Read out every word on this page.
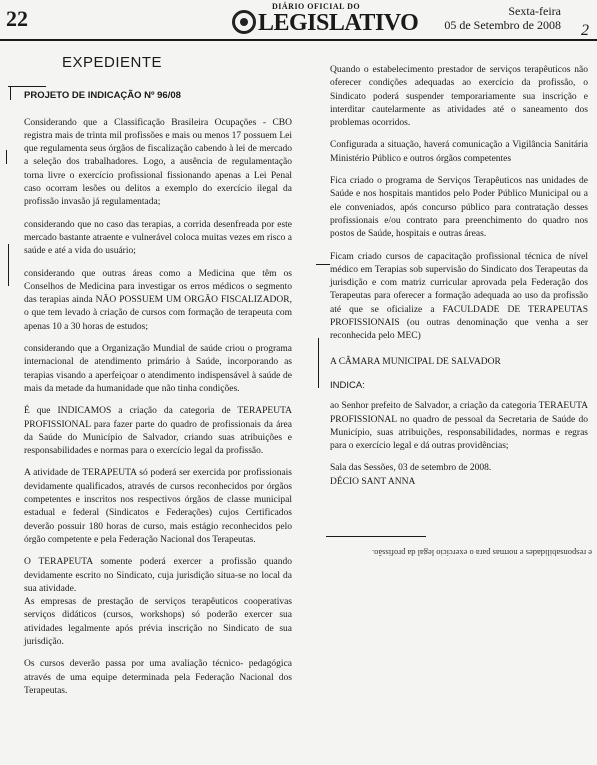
22	DIÁRIO OFICIAL DO
LEGISLATIVO	Sexta-feira
05 de Setembro de 2008 2

EXPEDIENTE

PROJETO DE INDICAÇÃO Nº 96/08

Considerando que a Classificação Brasileira Ocupações - CBO registra mais de trinta mil profissões e mais ou menos 17 possuem Lei que regulamenta seus órgãos de fiscalização cabendo à lei de mercado a seleção dos trabalhadores. Logo, a ausência de regulamentação torna livre o exercício profissional fissionando apenas a Lei Penal caso ocorram lesões ou delitos a exemplo do exercício ilegal da profissão invasão já regulamentada;

considerando que no caso das terapias, a corrida desenfreada por este mercado bastante atraente e vulnerável coloca muitas vezes em risco a saúde e até a vida do usuário;

considerando que outras áreas como a Medicina que têm os Conselhos de Medicina para investigar os erros médicos o segmento das terapias ainda NÃO POSSUEM UM ORGÃO FISCALIZADOR, o que tem levado à criação de cursos com formação de terapeuta com apenas 10 a 30 horas de estudos;

considerando que a Organização Mundial de saúde criou o programa internacional de atendimento primário à Saúde, incorporando as terapias visando a aperfeiçoar o atendimento indispensável à saúde de mais da metade da humanidade que não tinha condições.

É que INDICAMOS a criação da categoria de TERAPEUTA PROFISSIONAL para fazer parte do quadro de profissionais da área da Saúde do Município de Salvador, criando suas atribuições e responsabilidades e normas para o exercício legal da profissão.

A atividade de TERAPEUTA só poderá ser exercida por profissionais devidamente qualificados, através de cursos reconhecidos por órgãos competentes e inscritos nos respectivos órgãos de classe municipal estadual e federal (Sindicatos e Federações) cujos Certificados deverão possuir 180 horas de curso, mais estágio reconhecidos pelo órgão competente e pela Federação Nacional dos Terapeutas.

O TERAPEUTA somente poderá exercer a profissão quando devidamente escrito no Sindicato, cuja jurisdição situa-se no local da sua atividade.

As empresas de prestação de serviços terapêuticos cooperativas serviços didáticos (cursos, workshops) só poderão exercer sua atividades legalmente após prévia inscrição no Sindicato de sua jurisdição.

Os cursos deverão passa por uma avaliação técnico- pedagógica através de uma equipe determinada pela Federação Nacional dos Terapeutas.

Quando o estabelecimento prestador de serviços terapêuticos não oferecer condições adequadas ao exercício da profissão, o Sindicato poderá suspender temporariamente sua inscrição e interditar cautelarmente as atividades até o saneamento dos problemas ocorridos.

Configurada a situação, haverá comunicação a Vigilância Sanitária Ministério Público e outros órgãos competentes

Fica criado o programa de Serviços Terapêuticos nas unidades de Saúde e nos hospitais mantidos pelo Poder Público Municipal ou a ele conveniados, após concurso público para contratação desses profissionais e/ou contrato para preenchimento do quadro nos postos de Saúde, hospitais e outras áreas.

Ficam criado cursos de capacitação profissional técnica de nível médico em Terapias sob supervisão do Sindicato dos Terapeutas da jurisdição e com matriz curricular aprovada pela Federação dos Terapeutas para oferecer a formação adequada ao uso da profissão até que se oficialize a FACULDADE DE TERAPEUTAS PROFISSIONAIS (ou outras denominação que venha a ser reconhecida pelo MEC)

A CÂMARA MUNICIPAL DE SALVADOR

INDICA:

ao Senhor prefeito de Salvador, a criação da categoria TERAEUTA PROFISSIONAL no quadro de pessoal da Secretaria de Saúde do Município, suas atribuições, responsabilidades, normas e regras para o exercício legal e dá outras providências;

Sala das Sessões, 03 de setembro de 2008.
DÉCIO SANT ANNA
e responsabilidades e normas para o exercício legal da profissão.
